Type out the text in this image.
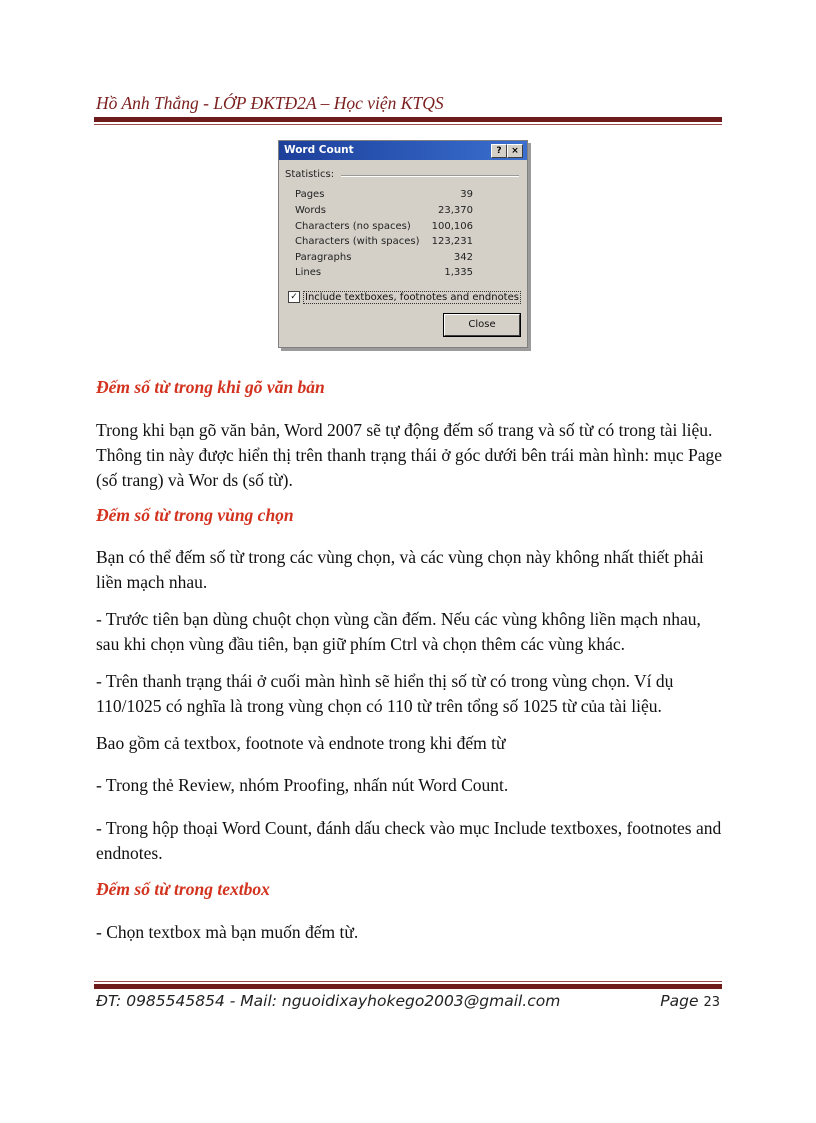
Hồ Anh Thắng - LỚP ĐKTĐ2A – Học viện KTQS
Word Count	?	×
Statistics:
Pages	39
Words	23,370
Characters (no spaces) 100,106
Characters (with spaces) 123,231
Paragraphs	342
Lines	1,335
✓ Include textboxes, footnotes and endnotes
Close
Đếm số từ trong khi gõ văn bản
Trong khi bạn gõ văn bản, Word 2007 sẽ tự động đếm số trang và số từ có trong tài liệu. Thông tin này được hiển thị trên thanh trạng thái ở góc dưới bên trái màn hình: mục Page (số trang) và Wor ds (số từ).
Đếm số từ trong vùng chọn
Bạn có thể đếm số từ trong các vùng chọn, và các vùng chọn này không nhất thiết phải liền mạch nhau.
- Trước tiên bạn dùng chuột chọn vùng cần đếm. Nếu các vùng không liền mạch nhau, sau khi chọn vùng đầu tiên, bạn giữ phím Ctrl và chọn thêm các vùng khác.
- Trên thanh trạng thái ở cuối màn hình sẽ hiển thị số từ có trong vùng chọn. Ví dụ 110/1025 có nghĩa là trong vùng chọn có 110 từ trên tổng số 1025 từ của tài liệu.
Bao gồm cả textbox, footnote và endnote trong khi đếm từ
- Trong thẻ Review, nhóm Proofing, nhấn nút Word Count.
- Trong hộp thoại Word Count, đánh dấu check vào mục Include textboxes, footnotes and endnotes.
Đếm số từ trong textbox
- Chọn textbox mà bạn muốn đếm từ.
ĐT: 0985545854 - Mail: nguoidixayhokego2003@gmail.com	Page 23
